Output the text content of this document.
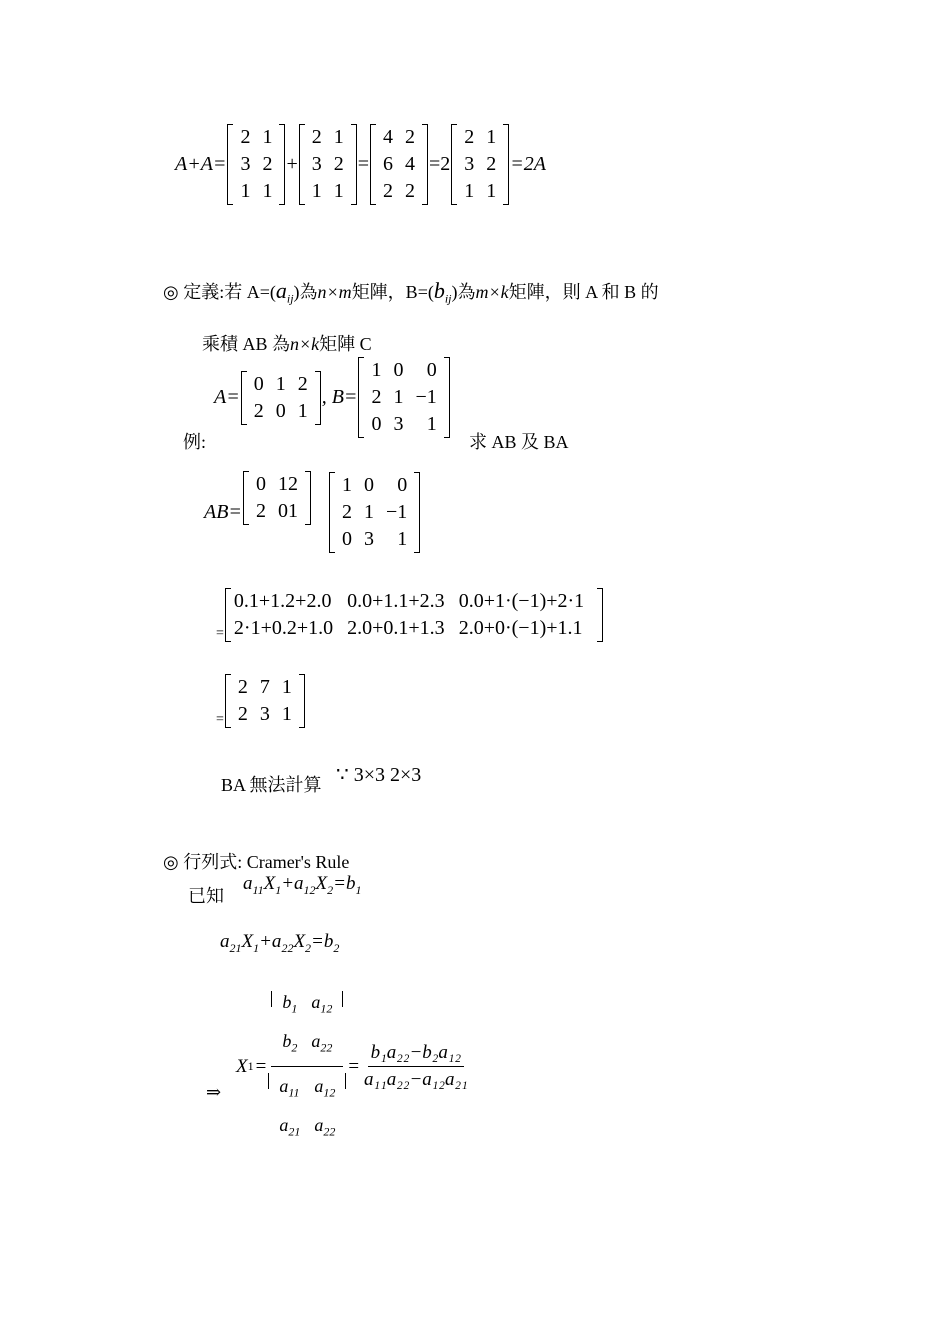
A+A=
2	1
3	2
1	1
+
2	1
3	2
1	1
=
4	2
6	4
2	2
=2
2	1
3	2
1	1
=2A
◎ 定義:若 $A=(a_{ij})$為n×m矩陣，$B=(b_{ij})$為m×k矩陣，則 A 和 B 的
乘積 AB 為n×k矩陣 C
例:
A=
0	1	2
2	0	1
, B=
1	0	0
2	1	−1
0	3	1
求 AB 及 BA
AB=
0	12
2	01
1	0	0
2	1	−1
0	3	1
=
0.1+1.2+2.0	0.0+1.1+2.3	0.0+1·(−1)+2·1
2·1+0.2+1.0	2.0+0.1+1.3	2.0+0·(−1)+1.1
=
2	7	1
2	3	1
BA 無法計算 ∵ 3×3 2×3
◎ 行列式: Cramer's Rule
已知
$a_{11}X_1+a_{12}X_2=b_1$
$a_{21}X_1+a_{22}X_2=b_2$
⇒
X $1 = b_1$	$a_{12}$
$b_2$	$a_{22}$
$a_{11}$	$a_{12}$
$a_{21}$	$a_{22} = \frac{\text{b₁a₂₂−b₂a₁₂}}{\text{a₁₁a₂₂−a₁₂a₂₁}}$
